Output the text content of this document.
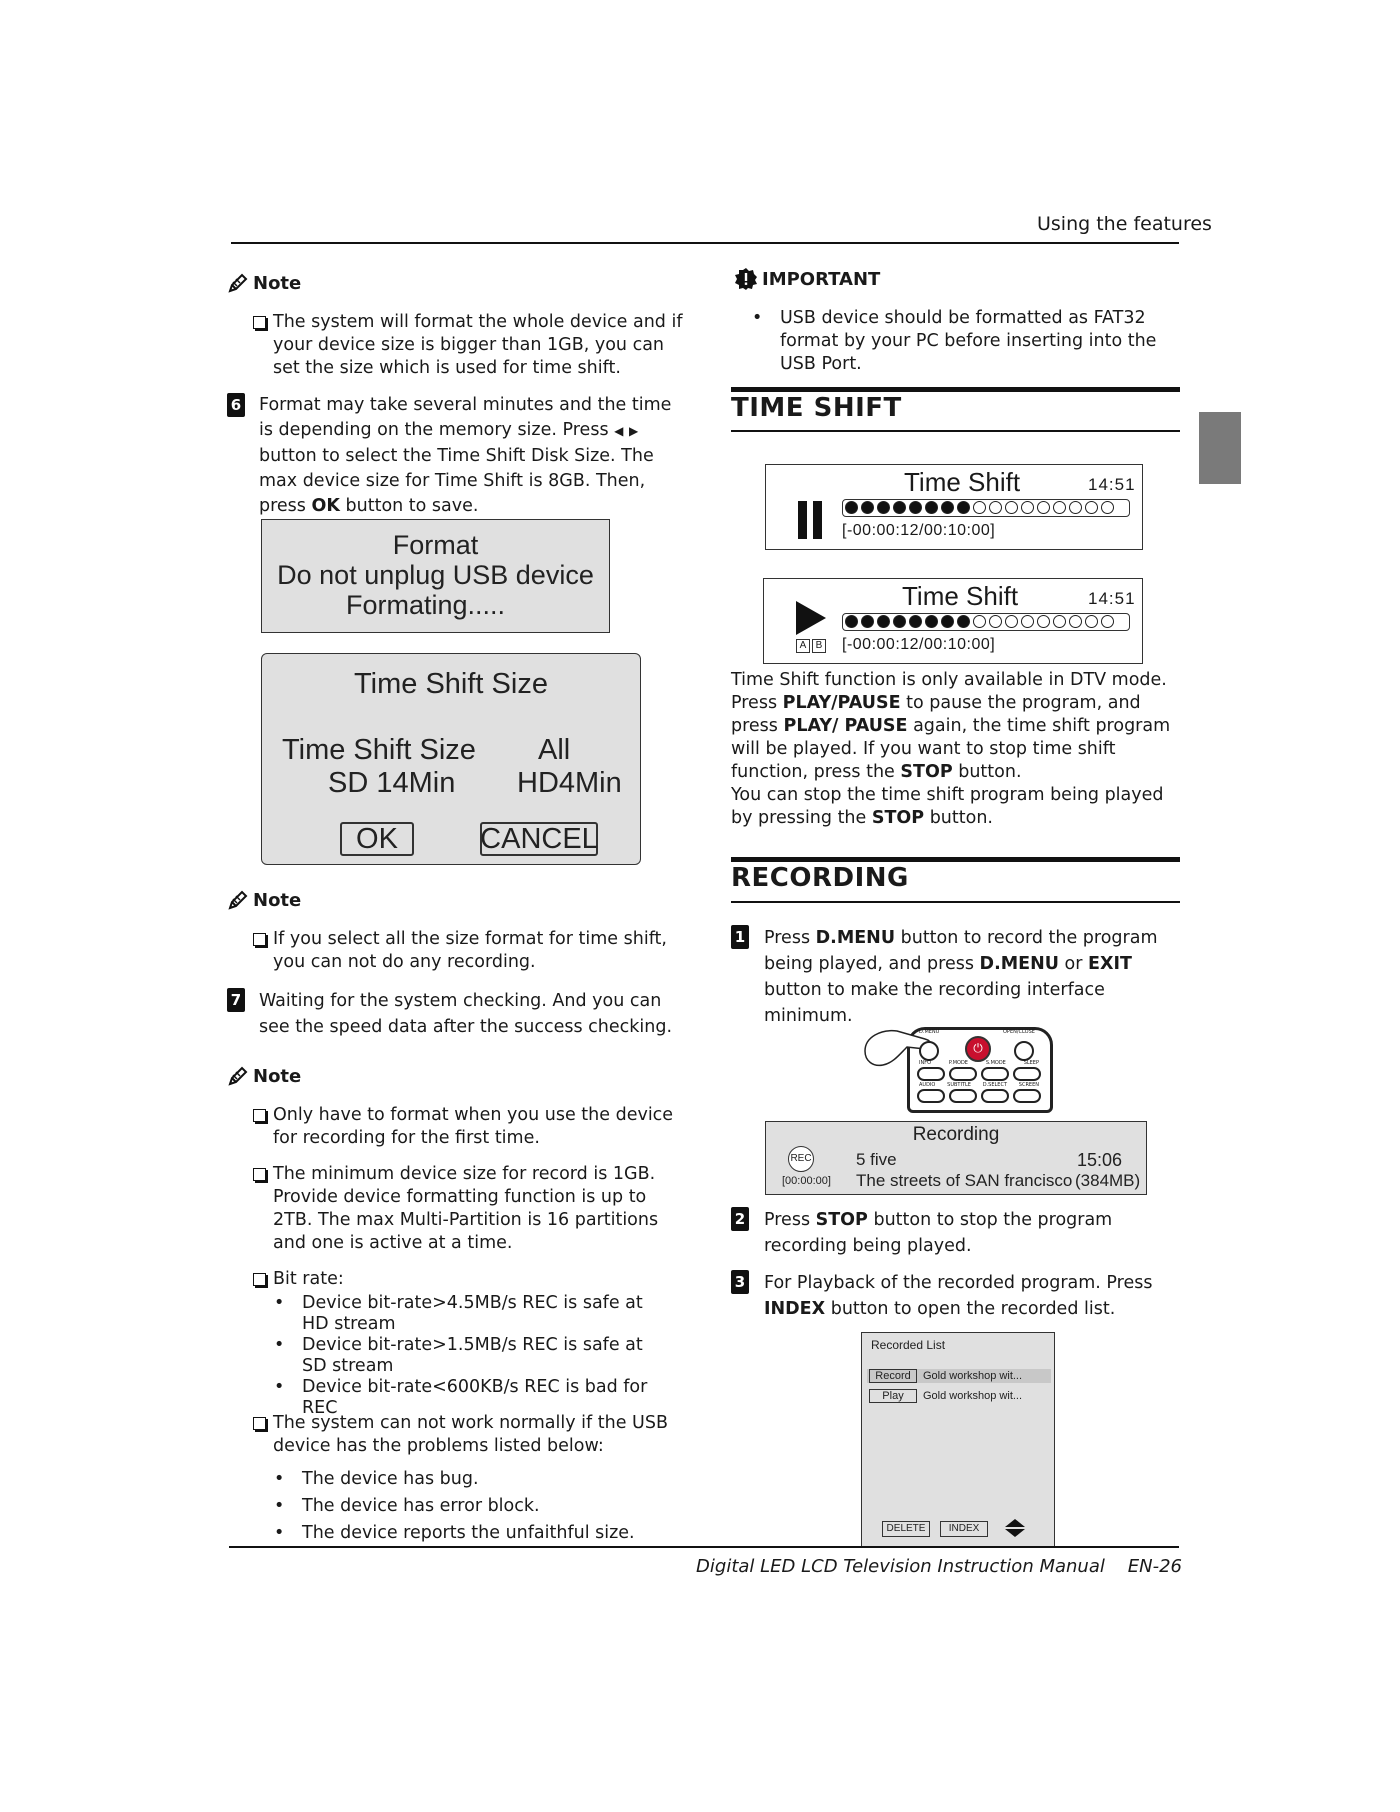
Using the features
Note
The system will format the whole device and if your device size is bigger than 1GB, you can set the size which is used for time shift.
6 Format may take several minutes and the time is depending on the memory size. Press ◀ ▶ button to select the Time Shift Disk Size. The max device size for Time Shift is 8GB. Then, press OK button to save.
Format
Do not unplug USB device
Formating.....
Time Shift Size
Time Shift Size All
SD 14Min HD4Min
OK	CANCEL
Note
If you select all the size format for time shift, you can not do any recording.
7 Waiting for the system checking. And you can see the speed data after the success checking.
Note
Only have to format when you use the device for recording for the first time.
The minimum device size for record is 1GB. Provide device formatting function is up to 2TB. The max Multi-Partition is 16 partitions and one is active at a time.
Bit rate:
•	Device bit-rate>4.5MB/s REC is safe at HD stream
•	Device bit-rate>1.5MB/s REC is safe at SD stream
•	Device bit-rate<600KB/s REC is bad for REC
The system can not work normally if the USB device has the problems listed below:
•	The device has bug.
•	The device has error block.
•	The device reports the unfaithful size.
IMPORTANT
•	USB device should be formatted as FAT32 format by your PC before inserting into the USB Port.
TIME SHIFT
Time Shift	14:51
[-00:00:12/00:10:00]
Time Shift	14:51
A B [-00:00:12/00:10:00]
Time Shift function is only available in DTV mode. Press PLAY/PAUSE to pause the program, and press PLAY/ PAUSE again, the time shift program will be played. If you want to stop time shift function, press the STOP button.
You can stop the time shift program being played by pressing the STOP button.
RECORDING
1 Press D.MENU button to record the program being played, and press D.MENU or EXIT button to make the recording interface minimum.
⏻
D.MENU	OPEN/CLOSE
INFO	P.MODE	S.MODE	SLEEP
AUDIO SUBTITLE D.SELECT SCREEN
Recording
REC	5 five	15:06
[00:00:00] The streets of SAN francisco (384MB)
2 Press STOP button to stop the program recording being played.
3 For Playback of the recorded program. Press INDEX button to open the recorded list.
Recorded List
Record	Gold workshop wit...
Play	Gold workshop wit...
DELETE	INDEX
Digital LED LCD Television Instruction Manual EN-26
